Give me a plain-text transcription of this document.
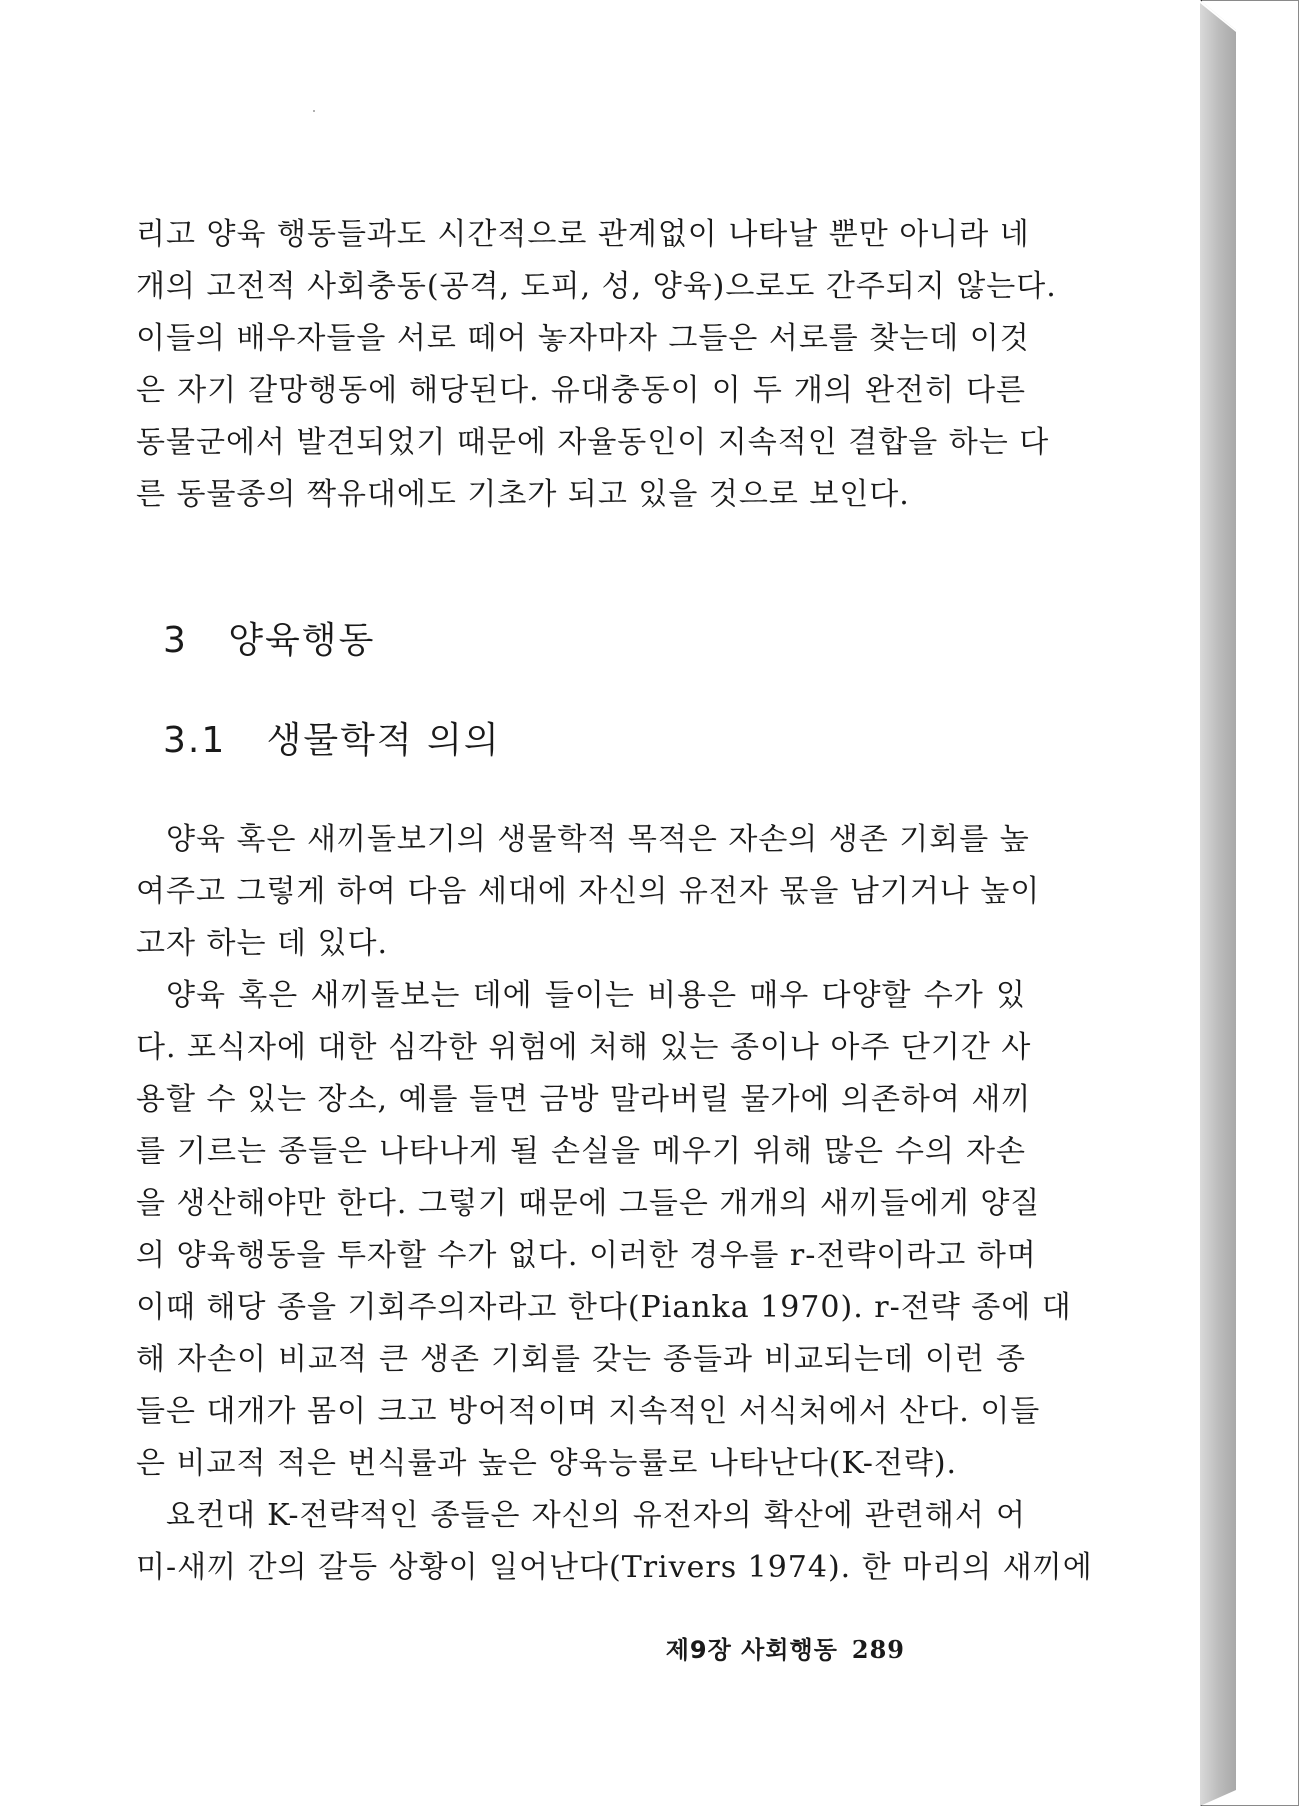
리고 양육 행동들과도 시간적으로 관계없이 나타날 뿐만 아니라 네
개의 고전적 사회충동(공격, 도피, 성, 양육)으로도 간주되지 않는다.
이들의 배우자들을 서로 떼어 놓자마자 그들은 서로를 찾는데 이것
은 자기 갈망행동에 해당된다. 유대충동이 이 두 개의 완전히 다른
동물군에서 발견되었기 때문에 자율동인이 지속적인 결합을 하는 다
른 동물종의 짝유대에도 기초가 되고 있을 것으로 보인다.
3 양육행동
3.1 생물학적 의의
양육 혹은 새끼돌보기의 생물학적 목적은 자손의 생존 기회를 높
여주고 그렇게 하여 다음 세대에 자신의 유전자 몫을 남기거나 높이
고자 하는 데 있다.
양육 혹은 새끼돌보는 데에 들이는 비용은 매우 다양할 수가 있
다. 포식자에 대한 심각한 위험에 처해 있는 종이나 아주 단기간 사
용할 수 있는 장소, 예를 들면 금방 말라버릴 물가에 의존하여 새끼
를 기르는 종들은 나타나게 될 손실을 메우기 위해 많은 수의 자손
을 생산해야만 한다. 그렇기 때문에 그들은 개개의 새끼들에게 양질
의 양육행동을 투자할 수가 없다. 이러한 경우를 r-전략이라고 하며
이때 해당 종을 기회주의자라고 한다(Pianka 1970). r-전략 종에 대
해 자손이 비교적 큰 생존 기회를 갖는 종들과 비교되는데 이런 종
들은 대개가 몸이 크고 방어적이며 지속적인 서식처에서 산다. 이들
은 비교적 적은 번식률과 높은 양육능률로 나타난다(K-전략).
요컨대 K-전략적인 종들은 자신의 유전자의 확산에 관련해서 어
미-새끼 간의 갈등 상황이 일어난다(Trivers 1974). 한 마리의 새끼에
제9장 사회행동 289
